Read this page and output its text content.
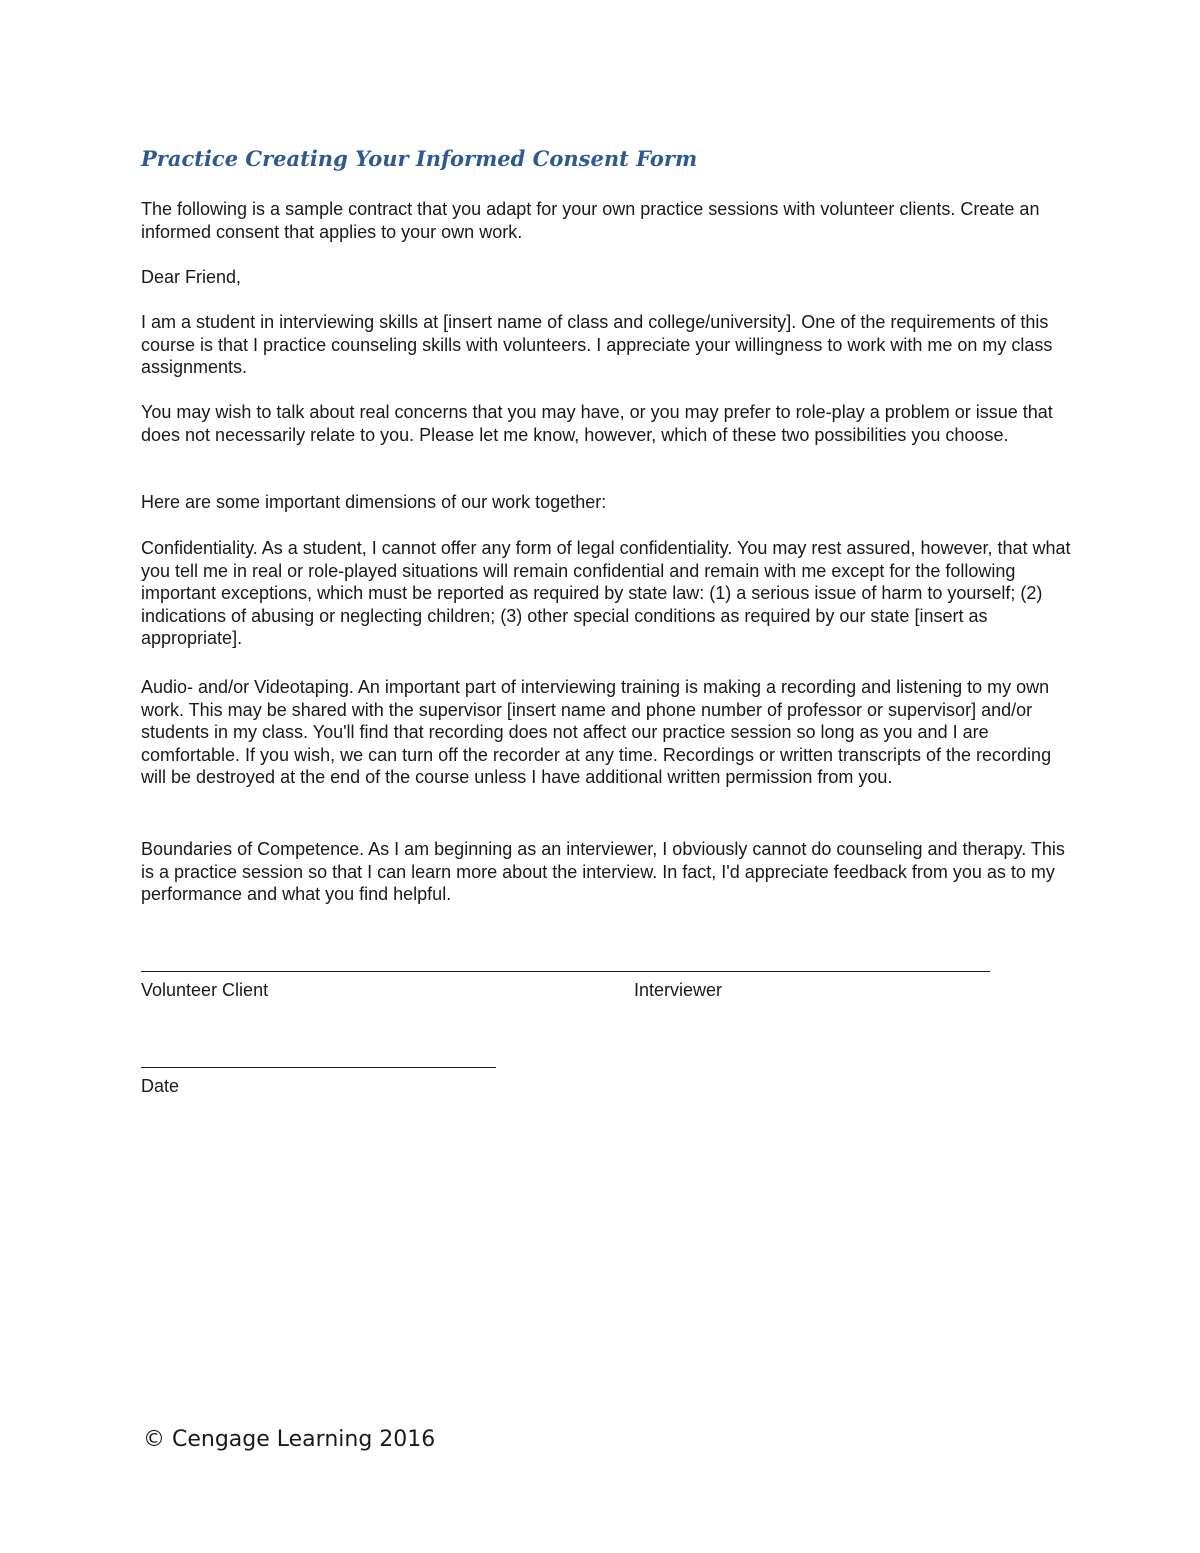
Practice Creating Your Informed Consent Form

The following is a sample contract that you adapt for your own practice sessions with volunteer clients. Create an informed consent that applies to your own work.

Dear Friend,

I am a student in interviewing skills at [insert name of class and college/university]. One of the requirements of this course is that I practice counseling skills with volunteers. I appreciate your willingness to work with me on my class assignments.

You may wish to talk about real concerns that you may have, or you may prefer to role-play a problem or issue that does not necessarily relate to you. Please let me know, however, which of these two possibilities you choose.

Here are some important dimensions of our work together:

Confidentiality. As a student, I cannot offer any form of legal confidentiality. You may rest assured, however, that what you tell me in real or role-played situations will remain confidential and remain with me except for the following important exceptions, which must be reported as required by state law: (1) a serious issue of harm to yourself; (2) indications of abusing or neglecting children; (3) other special conditions as required by our state [insert as appropriate].

Audio- and/or Videotaping. An important part of interviewing training is making a recording and listening to my own work. This may be shared with the supervisor [insert name and phone number of professor or supervisor] and/or students in my class. You'll find that recording does not affect our practice session so long as you and I are comfortable. If you wish, we can turn off the recorder at any time. Recordings or written transcripts of the recording will be destroyed at the end of the course unless I have additional written permission from you.

Boundaries of Competence. As I am beginning as an interviewer, I obviously cannot do counseling and therapy. This is a practice session so that I can learn more about the interview. In fact, I'd appreciate feedback from you as to my performance and what you find helpful.

Volunteer Client	Interviewer
Date

© Cengage Learning 2016
